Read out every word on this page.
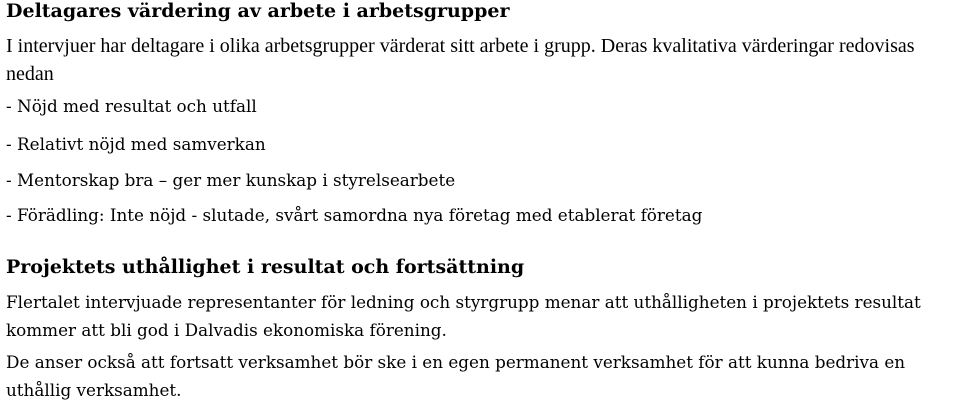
Deltagares värdering av arbete i arbetsgrupper

I intervjuer har deltagare i olika arbetsgrupper värderat sitt arbete i grupp. Deras kvalitativa värderingar redovisas nedan

- Nöjd med resultat och utfall

- Relativt nöjd med samverkan

- Mentorskap bra – ger mer kunskap i styrelsearbete

- Förädling: Inte nöjd - slutade, svårt samordna nya företag med etablerat företag

Projektets uthållighet i resultat och fortsättning

Flertalet intervjuade representanter för ledning och styrgrupp menar att uthålligheten i projektets resultat kommer att bli god i Dalvadis ekonomiska förening.

De anser också att fortsatt verksamhet bör ske i en egen permanent verksamhet för att kunna bedriva en uthållig verksamhet.
